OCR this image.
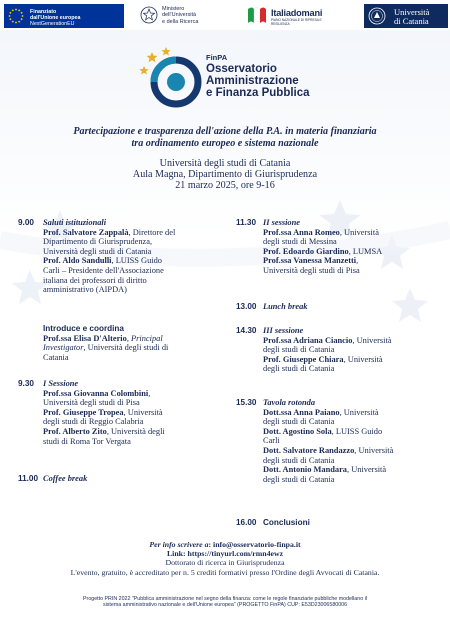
Finanziato
dall'Unione europea
NextGenerationEU
Ministero
dell'Università
e della Ricerca
Italiadomani
PIANO NAZIONALE DI RIPRESA E RESILIENZA
Università
di Catania
FinPA
Osservatorio
Amministrazione
e Finanza Pubblica
Partecipazione e trasparenza dell'azione della P.A. in materia finanziaria
tra ordinamento europeo e sistema nazionale
Università degli studi di Catania
Aula Magna, Dipartimento di Giurisprudenza
21 marzo 2025, ore 9-16
9.00 Saluti istituzionali
Prof. Salvatore Zappalà, Direttore del
Dipartimento di Giurisprudenza,
Università degli studi di Catania
Prof. Aldo Sandulli, LUISS Guido
Carli – Presidente dell'Associazione
italiana dei professori di diritto
amministrativo (AIPDA)
Introduce e coordina
Prof.ssa Elisa D'Alterio, Principal
Investigator, Università degli studi di
Catania
9.30 I Sessione
Prof.ssa Giovanna Colombini,
Università degli studi di Pisa
Prof. Giuseppe Tropea, Università
degli studi di Reggio Calabria
Prof. Alberto Zito, Università degli
studi di Roma Tor Vergata
11.00 Coffee break
11.30 II sessione
Prof.ssa Anna Romeo, Università
degli studi di Messina
Prof. Edoardo Giardino, LUMSA
Prof.ssa Vanessa Manzetti,
Università degli studi di Pisa
13.00 Lunch break
14.30 III sessione
Prof.ssa Adriana Ciancio, Università
degli studi di Catania
Prof. Giuseppe Chiara, Università
degli studi di Catania
15.30 Tavola rotonda
Dott.ssa Anna Paiano, Università
degli studi di Catania
Dott. Agostino Sola, LUISS Guido
Carli
Dott. Salvatore Randazzo, Università
degli studi di Catania
Dott. Antonio Mandara, Università
degli studi di Catania
16.00 Conclusioni
Per info scrivere a: info@osservatorio-finpa.it
Link: https://tinyurl.com/rmn4ewz
Dottorato di ricerca in Giurisprudenza
L'evento, gratuito, è accreditato per n. 5 crediti formativi presso l'Ordine degli Avvocati di Catania.
Progetto PRIN 2022 "Pubblica amministrazione nel segno della finanza: come le regole finanziarie pubbliche modellano il
sistema amministrativo nazionale e dell'Unione europea" (PROGETTO FinPA) CUP: E53D23006580006
